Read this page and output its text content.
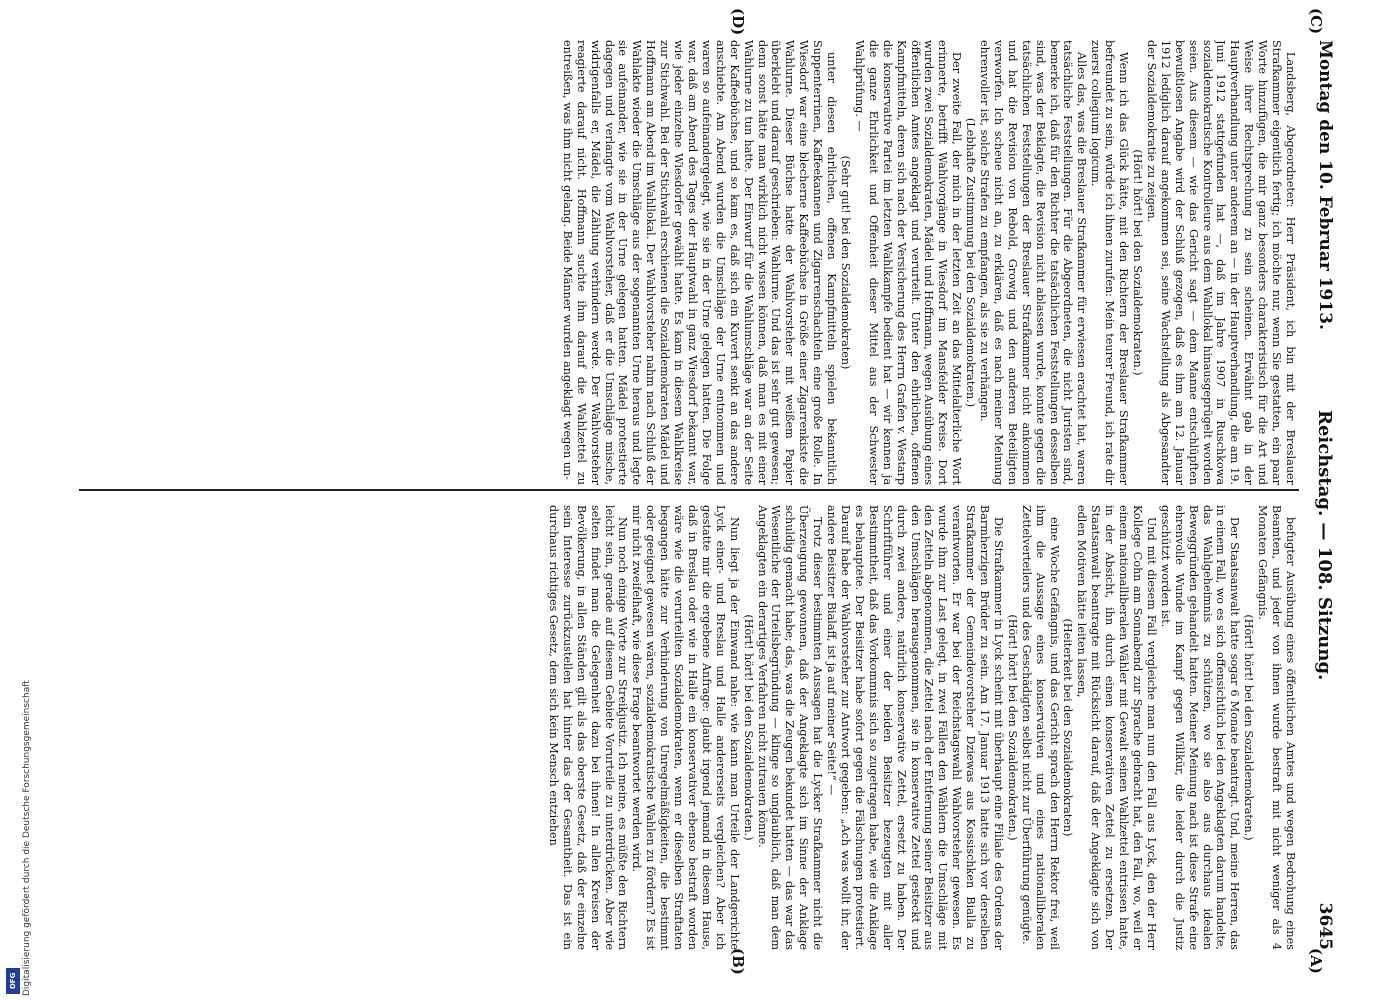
Montag den 10. Februar 1913.
Reichstag. — 108. Sitzung.
3645
(A)
(B)
(C)
(D)

Landsberg, Abgeordneter: Herr Präsident, ich bin mit der Breslauer Strafkammer eigentlich fertig; ich möchte nur, wenn Sie gestatten, ein paar Worte hinzufügen, die mir ganz besonders charakteristisch für die Art und Weise ihrer Rechtsprechung zu sein scheinen. Erwähnt gab in der Hauptverhandlung unter anderem an — in der Hauptverhandlung, die am 19. Juni 1912 stattgefunden hat —, daß im Jahre 1907 in Ruschkowa sozialdemokratische Kontrolleure aus dem Wahllokal hinausgeprügelt worden seien. Aus diesem — wie das Gericht sagt — dem Manne entschlüpften bewußtlosen Angabe wird der Schluß gezogen, daß es ihm am 12. Januar 1912 lediglich darauf angekommen sei, seine Wachstellung als Abgesandter der Sozialdemokratie zu zeigen.

(Hört! hört! bei den Sozialdemokraten.)

Wenn ich das Glück hätte, mit den Richtern der Breslauer Strafkammer befreundet zu sein, würde ich ihnen zurufen: Mein teurer Freund, ich rate dir zuerst collegium logicum.

Alles das, was die Breslauer Strafkammer für erwiesen erachtet hat, waren tatsächliche Feststellungen. Für die Abgeordneten, die nicht Juristen sind, bemerke ich, daß für den Richter die tatsächlichen Feststellungen desselben sind, was der Beklagte, die Revision nicht ablassen wurde, konnte gegen die tatsächlichen Feststellungen der Breslauer Strafkammer nicht ankommen und hat die Revision von Rebold, Growig und den anderen Beteiligten verworfen. Ich scheue nicht an, zu erklären, daß es nach meiner Meinung ehrenvoller ist, solche Strafen zu empfangen, als sie zu verhängen.

(Lebhafte Zustimmung bei den Sozialdemokraten.)

Der zweite Fall, der mich in der letzten Zeit an das Mittelalterliche Wort erinnerte, betrifft Wahlvorgänge in Wiesdorf im Mansfelder Kreise. Dort wurden zwei Sozialdemokraten, Mädel und Hoffmann, wegen Ausübung eines öffentlichen Amtes angeklagt und verurteilt. Unter den ehrlichen, offenen Kampfmitteln, deren sich nach der Versicherung des Herrn Grafen v. Westarp die konservative Partei im letzten Wahlkampfe bedient hat — wir kennen ja die ganze Ehrlichkeit und Offenheit dieser Mittel aus der Schwester Wahlprüfung. —

(Sehr gut! bei den Sozialdemokraten)

unter diesen ehrlichen, offenen Kampfmitteln spielen bekanntlich Suppenterrinen, Kaffeekannen und Zigarrenschachteln eine große Rolle. In Wiesdorf war eine blecherne Kaffeebüchse in Größe einer Zigarrenkiste die Wahlurne. Dieser Büchse hatte der Wahlvorsteher mit weißem Papier überklebt und darauf geschrieben: Wahlurne. Und das ist sehr gut gewesen; denn sonst hätte man wirklich nicht wissen können, daß man es mit einer Wahlurne zu tun hatte. Der Einwurf für die Wahlumschläge war an der Seite der Kaffeebüchse, und so kam es, daß sich ein Kuvert senkt an das andere anschiebte. Am Abend wurden die Umschläge der Urne entnommen und waren so aufeinandergelegt, wie sie in der Urne gelegen hatten. Die Folge war, daß am Abend des Tages der Hauptwahl in ganz Wiesdorf bekannt war, wie jeder einzelne Wiesdorfer gewählt hatte. Es kam in diesem Wahlkreise zur Stichwahl. Bei der Stichwahl erschienen die Sozialdemokraten Mädel und Hoffmann am Abend im Wahllokal. Der Wahlvorsteher nahm nach Schluß der Wahlakte wieder die Umschläge aus der sogenannten Urne heraus und legte sie aufeinander, wie sie in der Urne gelegen hatten. Mädel protestierte dagegen und verlangte vom Wahlvorsteher, daß er die Umschläge mische, widrigenfalls er, Mädel, die Zählung verhindern werde. Der Wahlvorsteher reagierte darauf nicht. Hoffmann suchte ihm darauf die Wahlzettel zu entreißen, was ihm nicht gelang. Beide Männer wurden angeklagt wegen un-

befugter Ausübung eines öffentlichen Amtes und wegen Bedrohung eines Beamten, und jeder von ihnen wurde bestraft mit nicht weniger als 4 Monaten Gefängnis.

(Hört! hört! bei den Sozialdemokraten.)

Der Staatsanwalt hatte sogar 6 Monate beantragt. Und, meine Herren, das in einem Fall, wo es sich offensichtlich bei den Angeklagten darum handelte, das Wahlgeheimnis zu schützen, wo sie also aus durchaus idealen Beweggründen gehandelt hatten. Meiner Meinung nach ist diese Strafe eine ehrenvolle Wunde im Kampf gegen Willkür, die leider durch die Justiz geschützt worden ist.

Und mit diesem Fall vergleiche man nun den Fall aus Lyck, den der Herr Kollege Cohn am Sonnabend zur Sprache gebracht hat, den Fall, wo, weil er einem nationalliberalen Wähler mit Gewalt seinen Wahlzettel entrissen hatte, in der Absicht, ihn durch einen konservativen Zettel zu ersetzen. Der Staatsanwalt beantragte mit Rücksicht darauf, daß der Angeklagte sich von edlen Motiven hätte leiten lassen,

(Heiterkeit bei den Sozialdemokraten)

eine Woche Gefängnis, und das Gericht sprach den Herrn Rektor frei, weil ihm die Aussage eines konservativen und eines nationalliberalen Zettelverteilers und des Geschädigten selbst nicht zur Überführung genügte.

(Hört! hört! bei den Sozialdemokraten.)

Die Strafkammer in Lyck scheint mit überhaupt eine Filiale des Ordens der Barmherzigen Brüder zu sein. Am 17. Januar 1913 hatte sich vor derselben Strafkammer der Gemeindevorsteher Dziewas aus Kossischken Bialla zu verantworten. Er war bei der Reichstagswahl Wahlvorsteher gewesen. Es wurde ihm zur Last gelegt, in zwei Fällen den Wählern die Umschläge mit den Zetteln abgenommen, die Zettel nach der Entfernung seiner Beisitzer aus den Umschlägen herausgenommen, sie in konservative Zettel gesteckt und durch zwei andere, natürlich konservative Zettel, ersetzt zu haben. Der Schriftführer und einer der beiden Beisitzer bezeugten mit aller Bestimmtheit, daß das Vorkommnis sich so zugetragen habe, wie die Anklage es behauptete. Der Beisitzer habe sofort gegen die Fälschungen protestiert. Darauf habe der Wahlvorsteher zur Antwort gegeben: „Ach was wollt ihr, der andere Beisitzer Bialaff, ist ja auf meiner Seite!“ —

Trotz dieser bestimmten Aussagen hat die Lycker Strafkammer nicht die Überzeugung gewonnen, daß der Angeklagte sich im Sinne der Anklage schuldig gemacht habe; das, was die Zeugen bekundet hatten — das war das Wesentliche der Urteilsbegründung — klinge so unglaublich, daß man dem Angeklagten ein derartiges Verfahren nicht zutrauen könne.

(Hört! hört! bei den Sozialdemokraten.)

Nun liegt ja der Einwand nahe: wie kann man Urteile der Landgerichte Lyck einer- und Breslau und Halle andererseits vergleichen? Aber ich gestatte mir die ergebene Anfrage: glaubt irgend jemand in diesem Hause, daß in Breslau oder wie in Halle ein konservativer ebenso bestraft worden wäre wie die verurteilten Sozialdemokraten, wenn er dieselben Straftaten begangen hätte zur Verhinderung von Unregelmäßigkeiten, die bestimmt oder geeignet gewesen wären, sozialdemokratische Wahlen zu fördern? Es ist mir nicht zweifelhaft, wie diese Frage beantwortet werden wird.

Nun noch einige Worte zur Streikjustiz. Ich meine, es müßte den Richtern leicht sein, gerade auf diesem Gebiete Vorurteile zu unterdrücken. Aber wie selten findet man die Gelegenheit dazu bei ihnen! In allen Kreisen der Bevölkerung, in allen Ständen gilt als das oberste Gesetz, daß der einzelne sein Interesse zurückzustellen hat hinter das der Gesamtheit. Das ist ein durchaus richtiges Gesetz, dem sich kein Mensch entziehen

Digitalisierung gefördert durch die Deutsche Forschungsgemeinschaft
DFG
